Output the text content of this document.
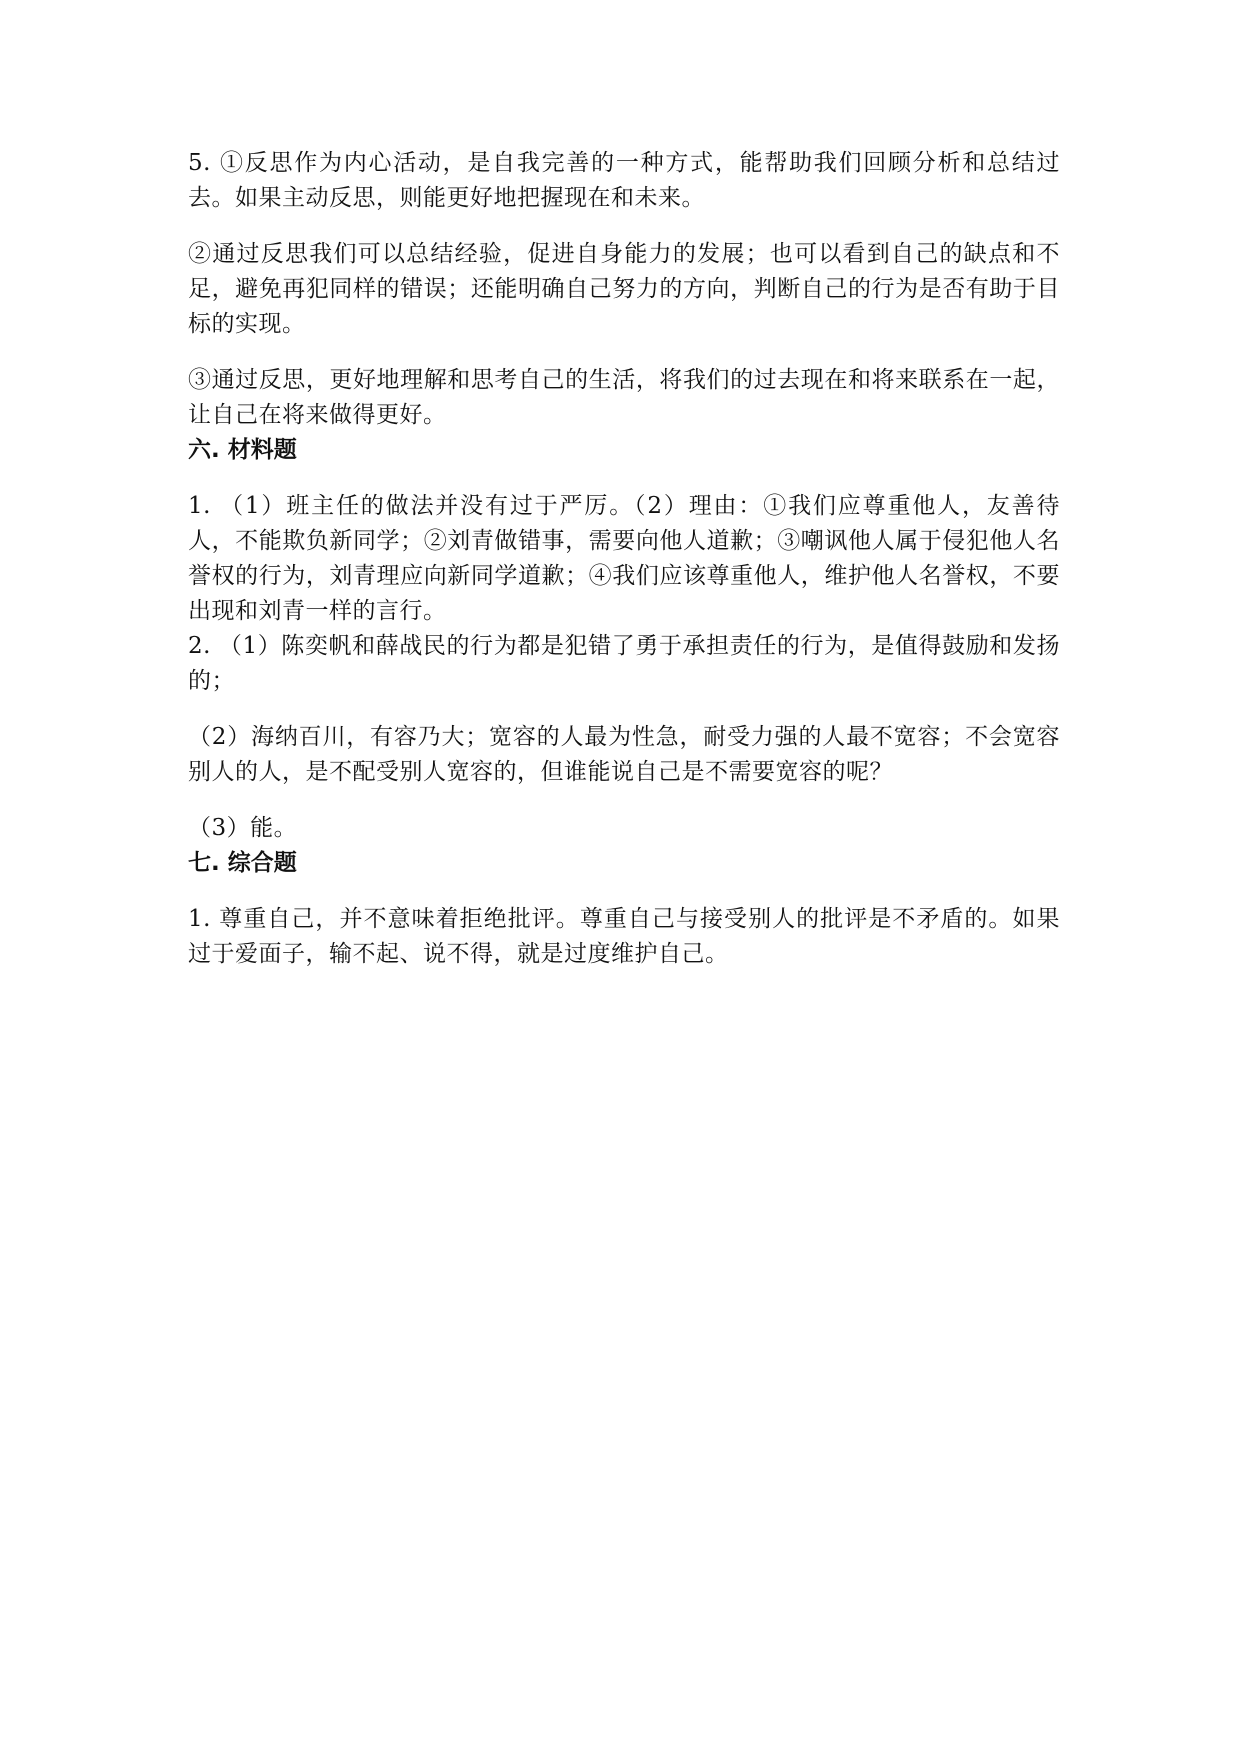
5. ①反思作为内心活动，是自我完善的一种方式，能帮助我们回顾分析和总结过去。如果主动反思，则能更好地把握现在和未来。

②通过反思我们可以总结经验，促进自身能力的发展；也可以看到自己的缺点和不足，避免再犯同样的错误；还能明确自己努力的方向，判断自己的行为是否有助于目标的实现。

③通过反思，更好地理解和思考自己的生活，将我们的过去现在和将来联系在一起，让自己在将来做得更好。

六. 材料题

1. （1）班主任的做法并没有过于严厉。（2）理由：①我们应尊重他人，友善待人，不能欺负新同学；②刘青做错事，需要向他人道歉；③嘲讽他人属于侵犯他人名誉权的行为，刘青理应向新同学道歉；④我们应该尊重他人，维护他人名誉权，不要出现和刘青一样的言行。

2. （1）陈奕帆和薛战民的行为都是犯错了勇于承担责任的行为，是值得鼓励和发扬的；

（2）海纳百川，有容乃大；宽容的人最为性急，耐受力强的人最不宽容；不会宽容别人的人，是不配受别人宽容的，但谁能说自己是不需要宽容的呢？

（3）能。

七. 综合题

1. 尊重自己，并不意味着拒绝批评。尊重自己与接受别人的批评是不矛盾的。如果过于爱面子，输不起、说不得，就是过度维护自己。
